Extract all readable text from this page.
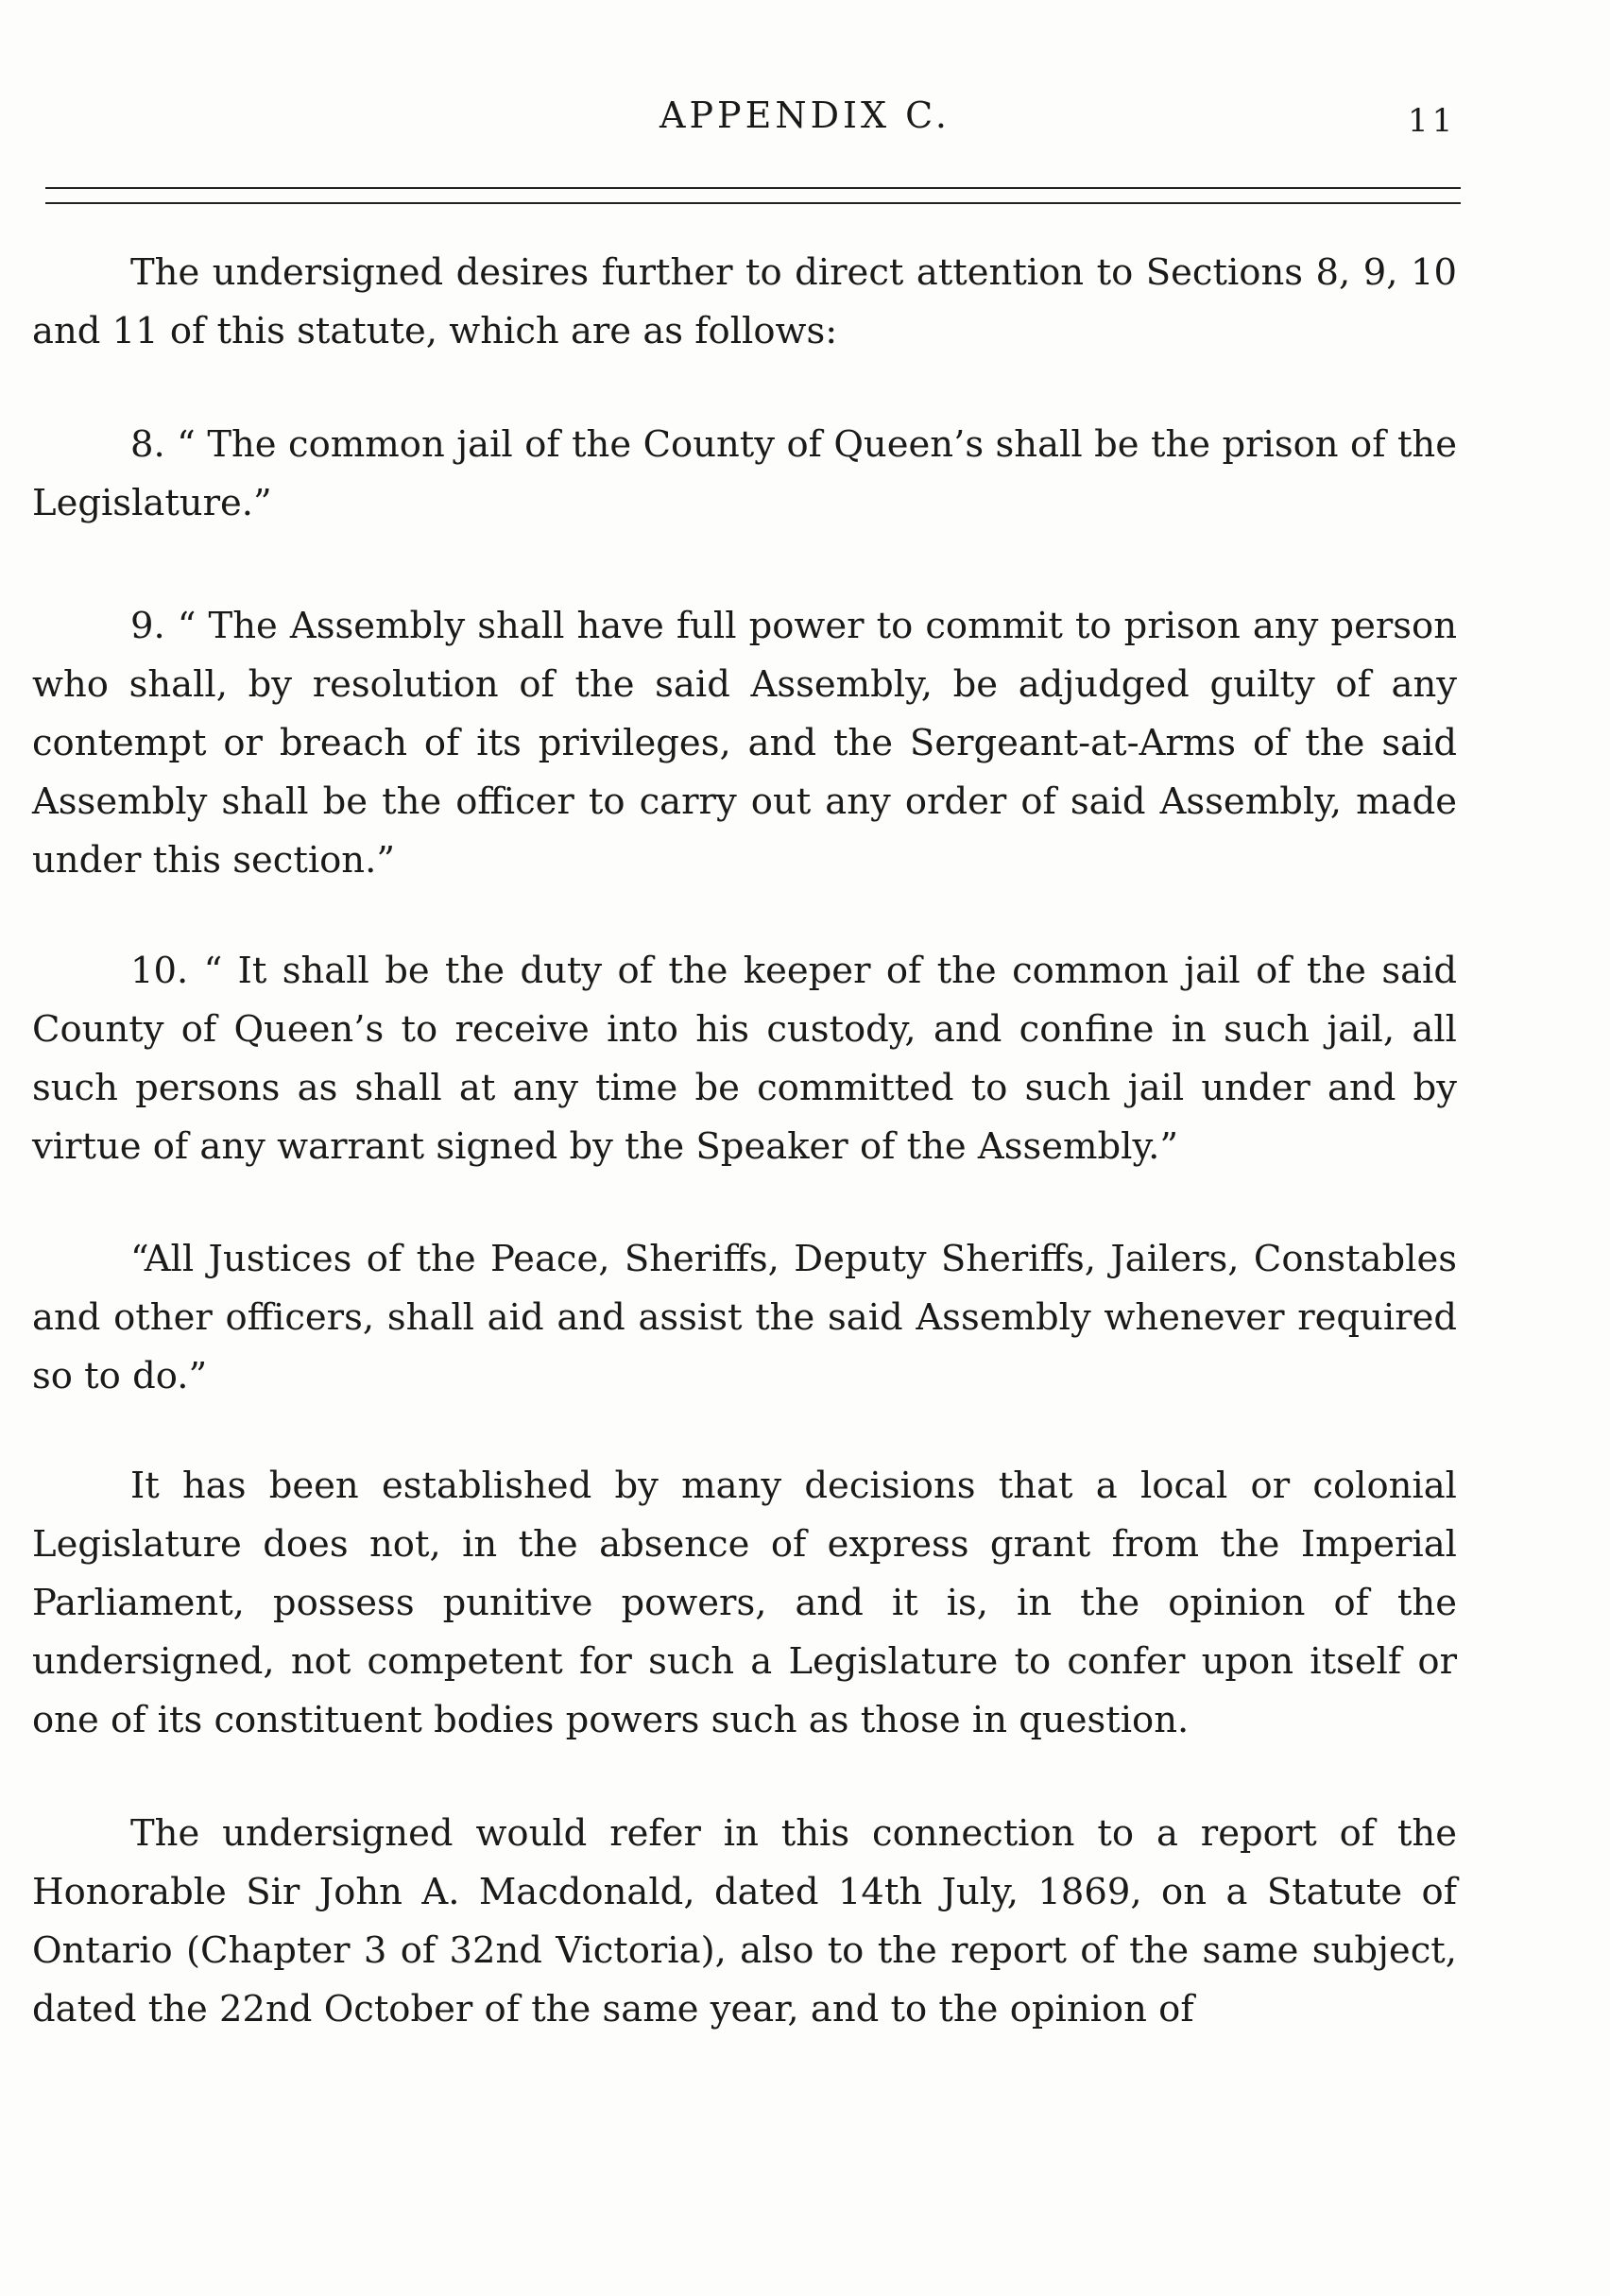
APPENDIX C.	11

The undersigned desires further to direct attention to Sections 8, 9, 10 and 11 of this statute, which are as follows:

8. “ The common jail of the County of Queen’s shall be the prison of the Legislature.”

9. “ The Assembly shall have full power to commit to prison any person who shall, by resolution of the said Assembly, be adjudged guilty of any contempt or breach of its privileges, and the Sergeant-at-Arms of the said Assembly shall be the officer to carry out any order of said Assembly, made under this section.”

10. “ It shall be the duty of the keeper of the common jail of the said County of Queen’s to receive into his custody, and confine in such jail, all such persons as shall at any time be committed to such jail under and by virtue of any warrant signed by the Speaker of the Assembly.”

“All Justices of the Peace, Sheriffs, Deputy Sheriffs, Jailers, Constables and other officers, shall aid and assist the said Assembly whenever required so to do.”

It has been established by many decisions that a local or colonial Legislature does not, in the absence of express grant from the Imperial Parliament, possess punitive powers, and it is, in the opinion of the undersigned, not competent for such a Legislature to confer upon itself or one of its constituent bodies powers such as those in question.

The undersigned would refer in this connection to a report of the Honorable Sir John A. Macdonald, dated 14th July, 1869, on a Statute of Ontario (Chapter 3 of 32nd Victoria), also to the report of the same subject, dated the 22nd October of the same year, and to the opinion of
